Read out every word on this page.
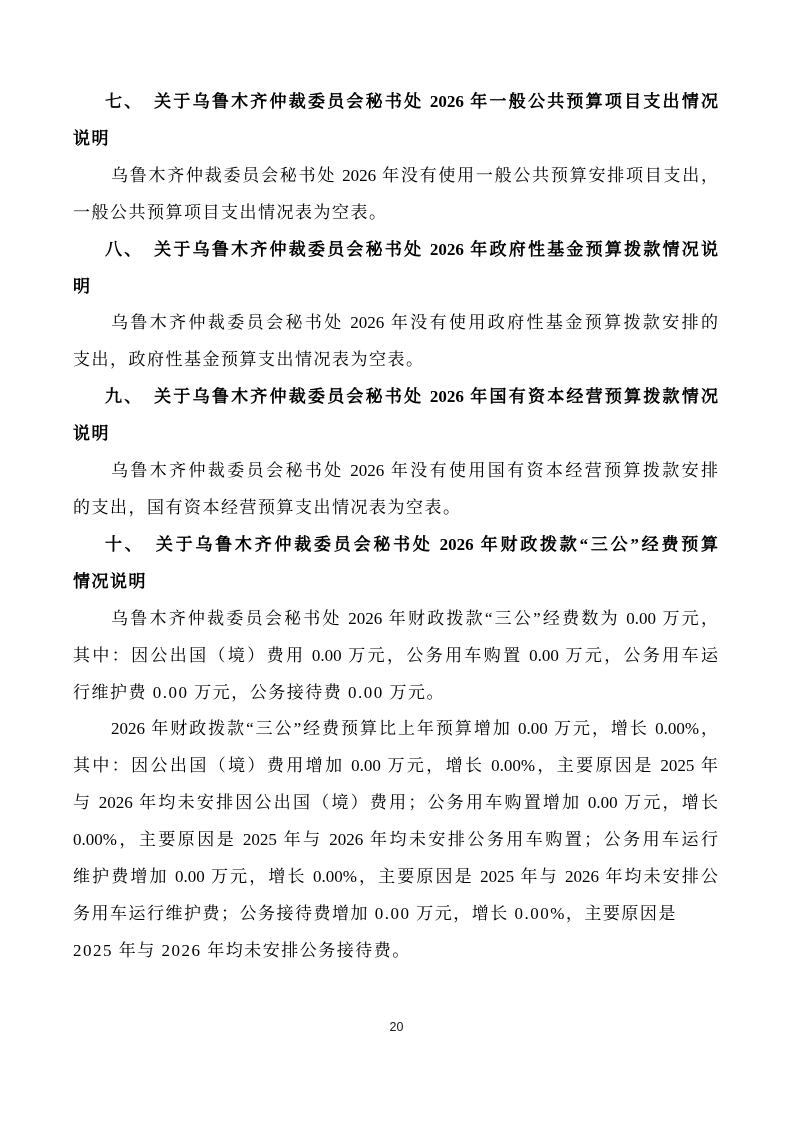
七、　关于乌鲁木齐仲裁委员会秘书处 2026 年一般公共预算项目支出情况
说明
乌鲁木齐仲裁委员会秘书处 2026 年没有使用一般公共预算安排项目支出，
一般公共预算项目支出情况表为空表。
八、　关于乌鲁木齐仲裁委员会秘书处 2026 年政府性基金预算拨款情况说
明
乌鲁木齐仲裁委员会秘书处 2026 年没有使用政府性基金预算拨款安排的
支出，政府性基金预算支出情况表为空表。
九、　关于乌鲁木齐仲裁委员会秘书处 2026 年国有资本经营预算拨款情况
说明
乌鲁木齐仲裁委员会秘书处 2026 年没有使用国有资本经营预算拨款安排
的支出，国有资本经营预算支出情况表为空表。
十、　关于乌鲁木齐仲裁委员会秘书处 2026 年财政拨款“三公”经费预算
情况说明
乌鲁木齐仲裁委员会秘书处 2026 年财政拨款“三公”经费数为 0.00 万元，
其中：因公出国（境）费用 0.00 万元，公务用车购置 0.00 万元，公务用车运
行维护费 0.00 万元，公务接待费 0.00 万元。
2026 年财政拨款“三公”经费预算比上年预算增加 0.00 万元，增长 0.00%，
其中：因公出国（境）费用增加 0.00 万元，增长 0.00%，主要原因是 2025 年
与 2026 年均未安排因公出国（境）费用；公务用车购置增加 0.00 万元，增长
0.00%，主要原因是 2025 年与 2026 年均未安排公务用车购置；公务用车运行
维护费增加 0.00 万元，增长 0.00%，主要原因是 2025 年与 2026 年均未安排公
务用车运行维护费；公务接待费增加 0.00 万元，增长 0.00%，主要原因是
2025 年与 2026 年均未安排公务接待费。
20
